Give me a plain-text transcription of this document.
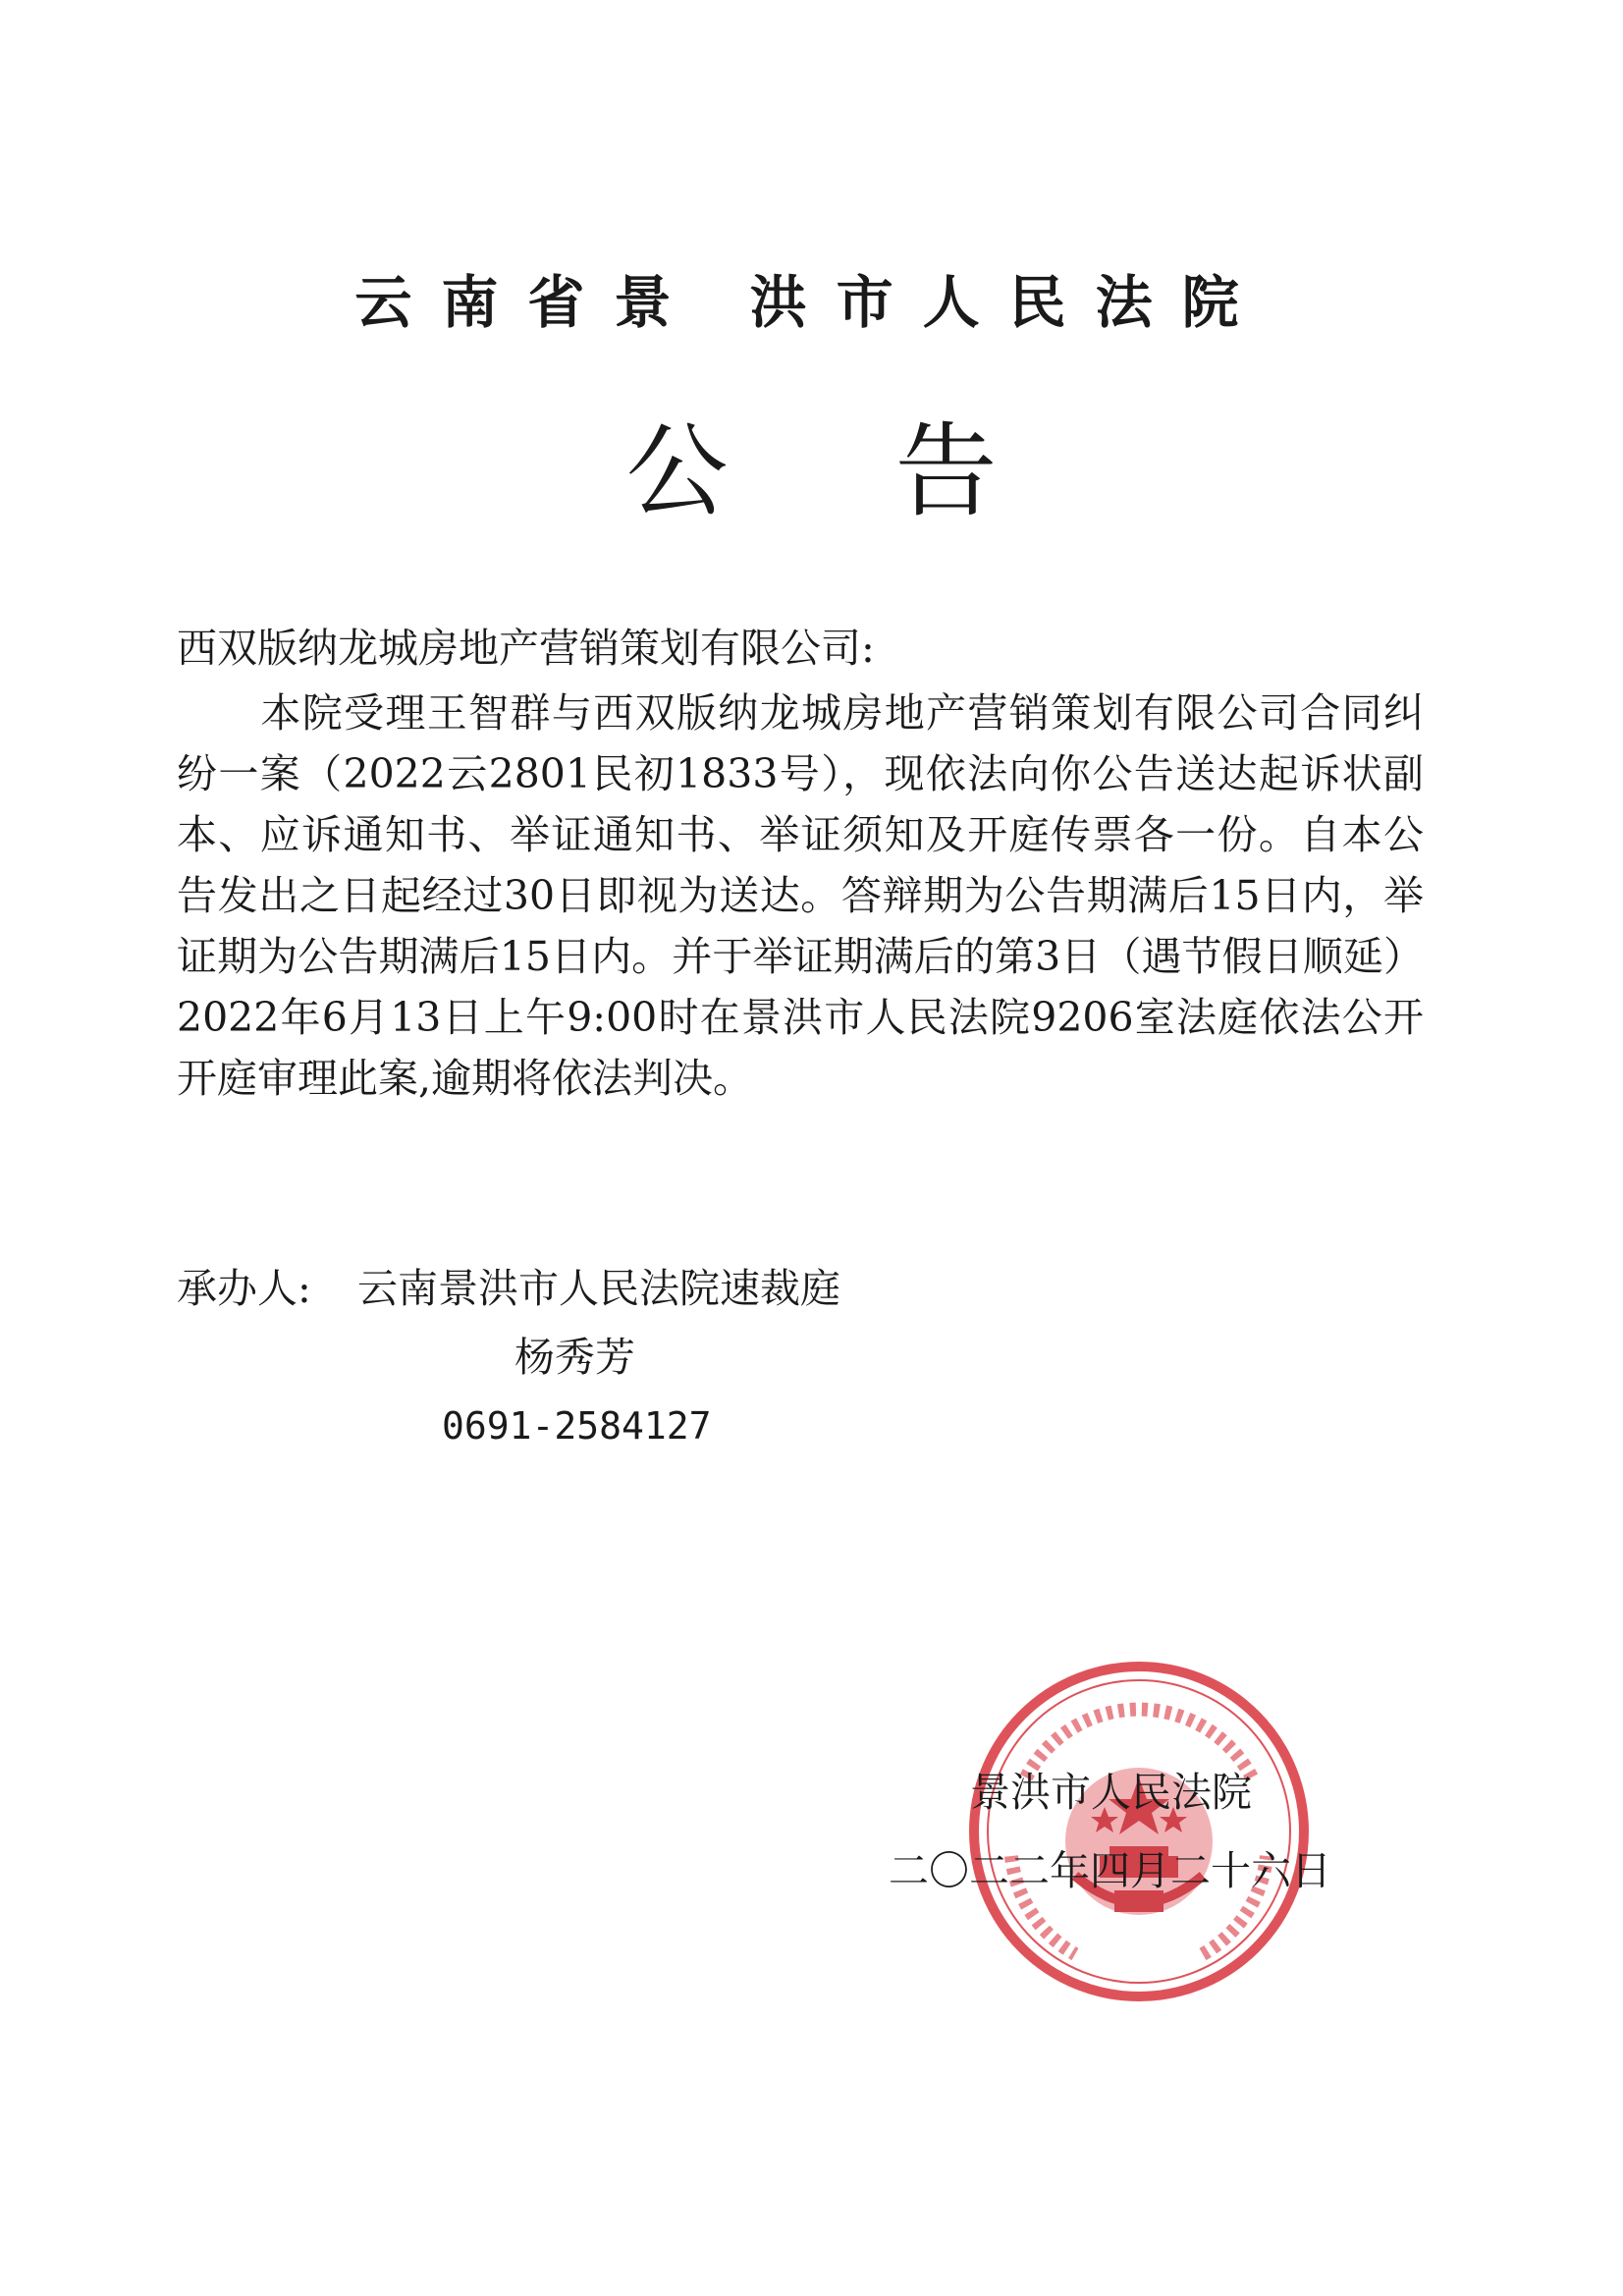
云南省景 洪市人民法院
公告
西双版纳龙城房地产营销策划有限公司:

本院受理王智群与西双版纳龙城房地产营销策划有限公司合同纠纷一案（2022云2801民初1833号），现依法向你公告送达起诉状副本、应诉通知书、举证通知书、举证须知及开庭传票各一份。自本公告发出之日起经过30日即视为送达。答辩期为公告期满后15日内，举证期为公告期满后15日内。并于举证期满后的第3日（遇节假日顺延）2022年6月13日上午9:00时在景洪市人民法院9206室法庭依法公开开庭审理此案,逾期将依法判决。

承办人: 云南景洪市人民法院速裁庭
杨秀芳
0691-2584127
景洪市人民法院
二〇二二年四月二十六日
